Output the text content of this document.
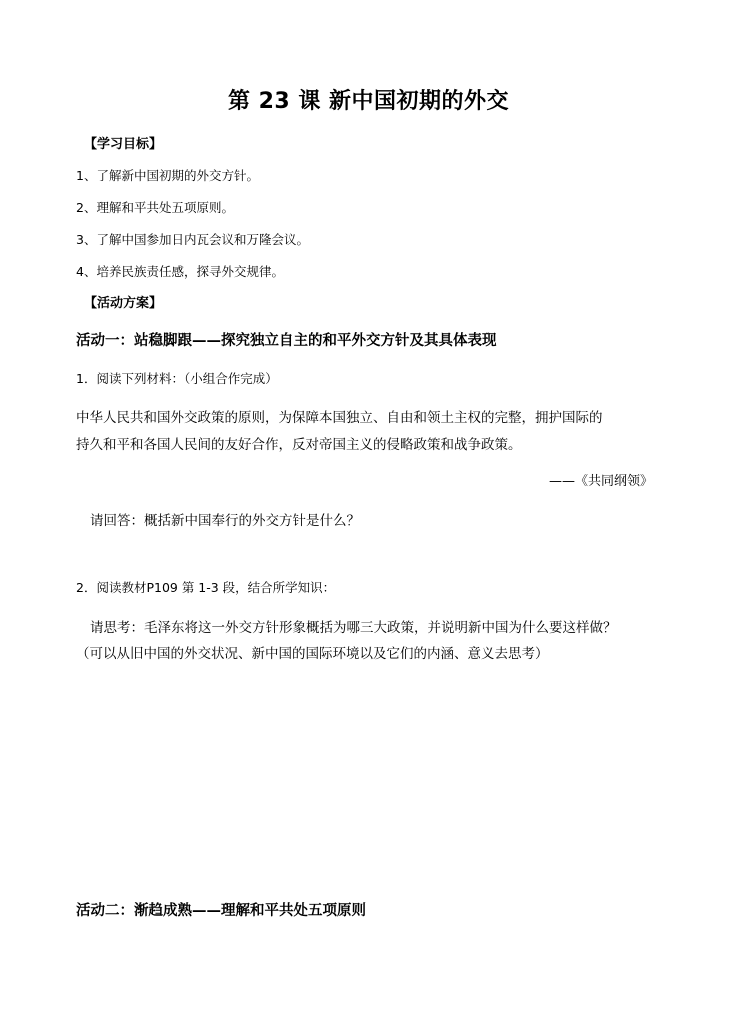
第 23 课 新中国初期的外交
【学习目标】
1、了解新中国初期的外交方针。
2、理解和平共处五项原则。
3、了解中国参加日内瓦会议和万隆会议。
4、培养民族责任感，探寻外交规律。
【活动方案】
活动一：站稳脚跟——探究独立自主的和平外交方针及其具体表现
1．阅读下列材料：（小组合作完成）
中华人民共和国外交政策的原则，为保障本国独立、自由和领土主权的完整，拥护国际的
持久和平和各国人民间的友好合作，反对帝国主义的侵略政策和战争政策。
——《共同纲领》
请回答：概括新中国奉行的外交方针是什么？
2．阅读教材P109 第 1-3 段，结合所学知识：
请思考：毛泽东将这一外交方针形象概括为哪三大政策，并说明新中国为什么要这样做？
（可以从旧中国的外交状况、新中国的国际环境以及它们的内涵、意义去思考）
活动二：渐趋成熟——理解和平共处五项原则
